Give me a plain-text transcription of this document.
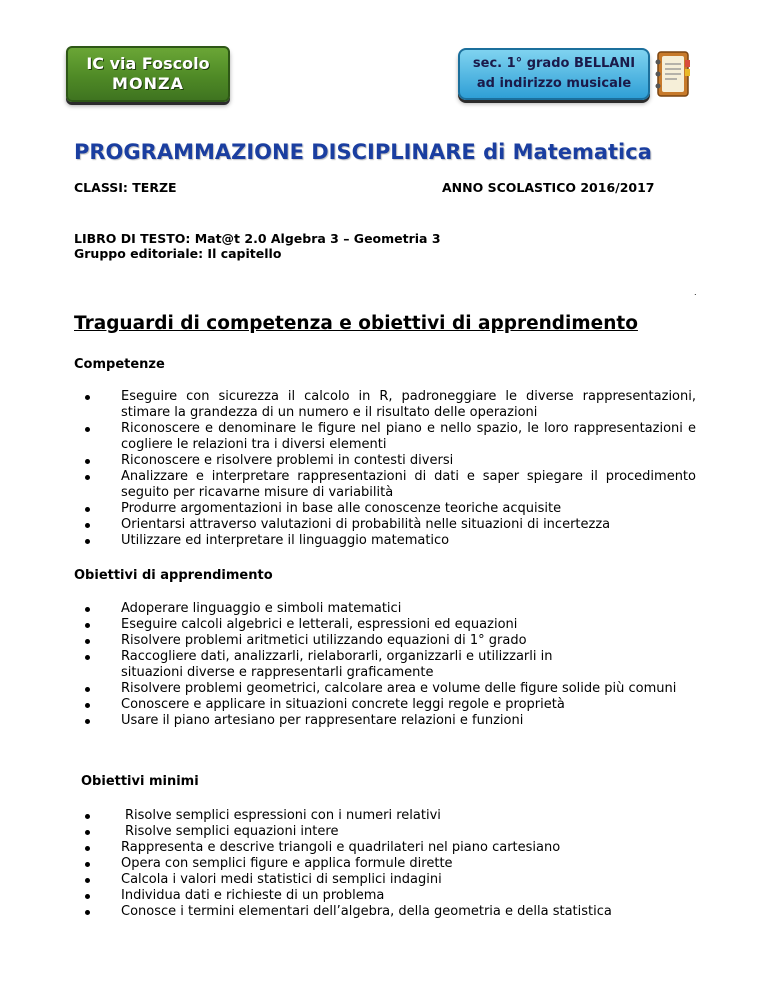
IC via Foscolo
MONZA
sec. 1° grado BELLANI
ad indirizzo musicale
PROGRAMMAZIONE DISCIPLINARE di Matematica
CLASSI: TERZE	ANNO SCOLASTICO 2016/2017
LIBRO DI TESTO: Mat@t 2.0 Algebra 3 – Geometria 3
Gruppo editoriale: Il capitello
.
Traguardi di competenza e obiettivi di apprendimento
Competenze
Eseguire con sicurezza il calcolo in R, padroneggiare le diverse rappresentazioni, stimare la grandezza di un numero e il risultato delle operazioni
Riconoscere e denominare le figure nel piano e nello spazio, le loro rappresentazioni e cogliere le relazioni tra i diversi elementi
Riconoscere e risolvere problemi in contesti diversi
Analizzare e interpretare rappresentazioni di dati e saper spiegare il procedimento seguito per ricavarne misure di variabilità
Produrre argomentazioni in base alle conoscenze teoriche acquisite
Orientarsi attraverso valutazioni di probabilità nelle situazioni di incertezza
Utilizzare ed interpretare il linguaggio matematico
Obiettivi di apprendimento
Adoperare linguaggio e simboli matematici
Eseguire calcoli algebrici e letterali, espressioni ed equazioni
Risolvere problemi aritmetici utilizzando equazioni di 1° grado
Raccogliere dati, analizzarli, rielaborarli, organizzarli e utilizzarli in situazioni diverse e rappresentarli graficamente
Risolvere problemi geometrici, calcolare area e volume delle figure solide più comuni
Conoscere e applicare in situazioni concrete leggi regole e proprietà
Usare il piano artesiano per rappresentare relazioni e funzioni
Obiettivi minimi
Risolve semplici espressioni con i numeri relativi
Risolve semplici equazioni intere
Rappresenta e descrive triangoli e quadrilateri nel piano cartesiano
Opera con semplici figure e applica formule dirette
Calcola i valori medi statistici di semplici indagini
Individua dati e richieste di un problema
Conosce i termini elementari dell’algebra, della geometria e della statistica
